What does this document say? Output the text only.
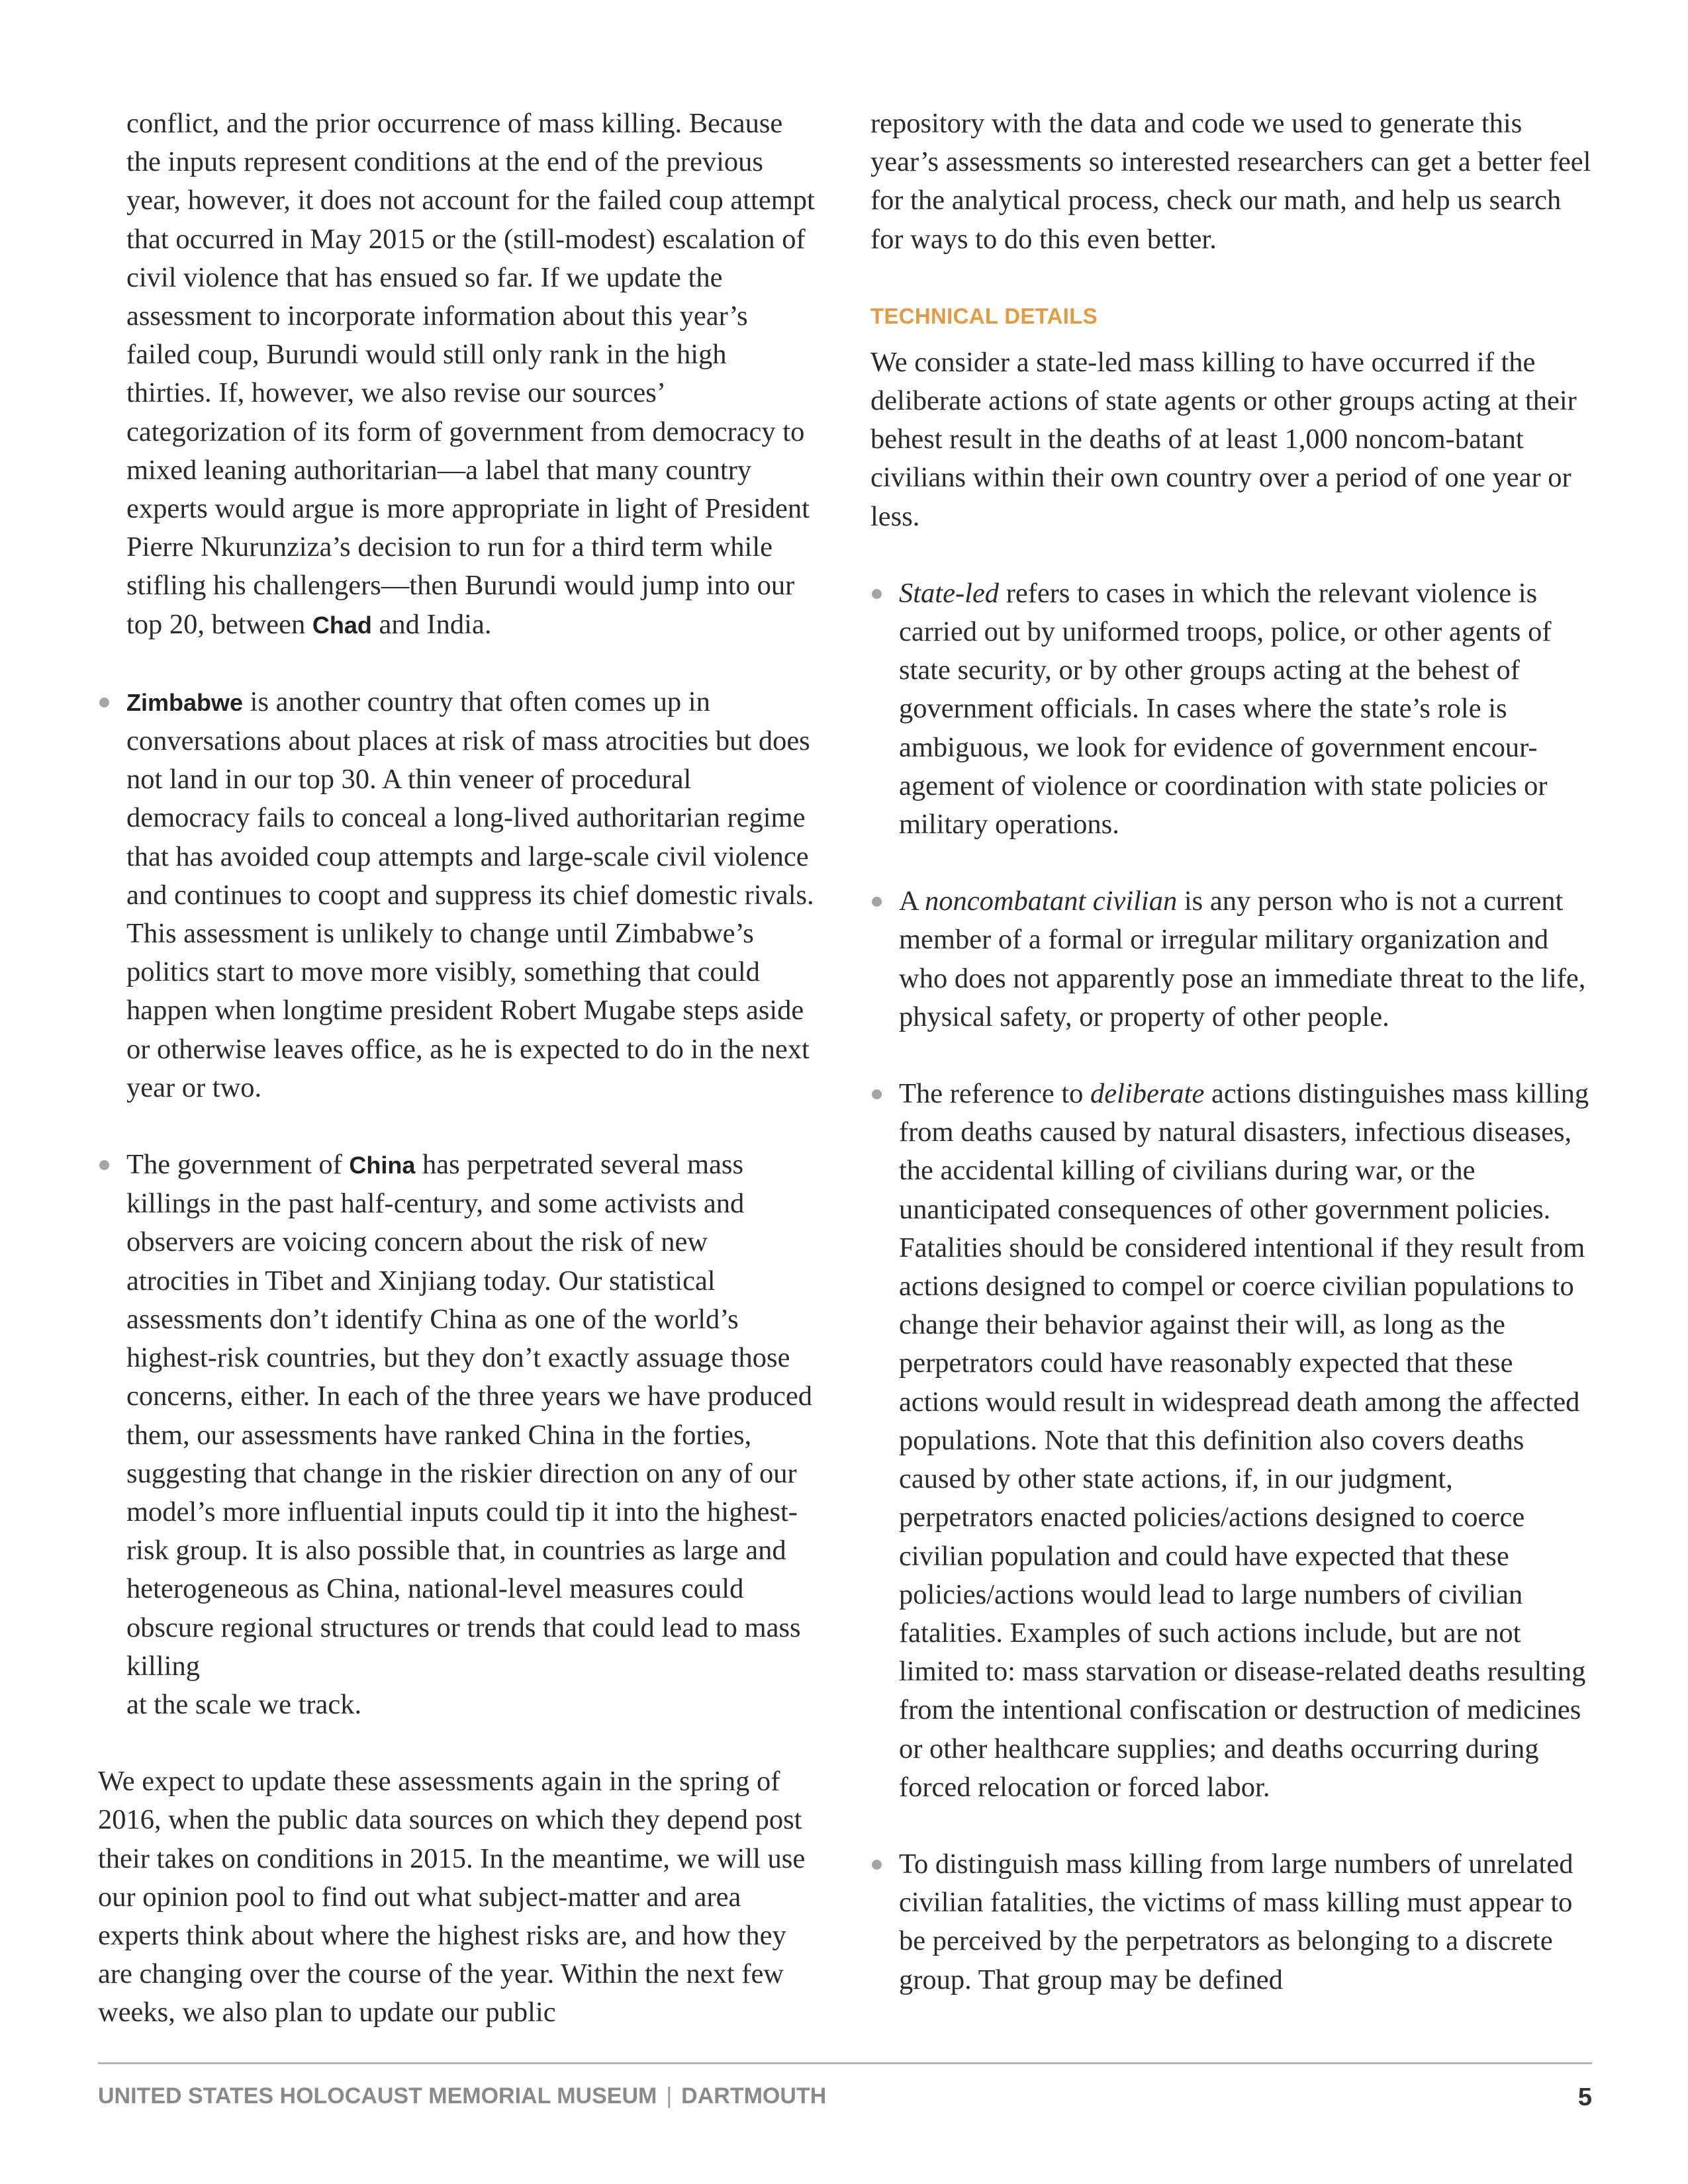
conflict, and the prior occurrence of mass killing. Because the inputs represent conditions at the end of the previous year, however, it does not account for the failed coup attempt that occurred in May 2015 or the (still-modest) escalation of civil violence that has ensued so far. If we update the assessment to incorporate information about this year’s failed coup, Burundi would still only rank in the high thirties. If, however, we also revise our sources’ categorization of its form of government from democracy to mixed leaning authoritarian—a label that many country experts would argue is more appropriate in light of President Pierre Nkurunziza’s decision to run for a third term while stifling his challengers—then Burundi would jump into our top 20, between Chad and India.

Zimbabwe is another country that often comes up in conversations about places at risk of mass atrocities but does not land in our top 30. A thin veneer of procedural democracy fails to conceal a long-lived authoritarian regime that has avoided coup attempts and large-scale civil violence and continues to coopt and suppress its chief domestic rivals. This assessment is unlikely to change until Zimbabwe’s politics start to move more visibly, something that could happen when longtime president Robert Mugabe steps aside or otherwise leaves office, as he is expected to do in the next year or two.

The government of China has perpetrated several mass killings in the past half-century, and some activists and observers are voicing concern about the risk of new atrocities in Tibet and Xinjiang today. Our statistical assessments don’t identify China as one of the world’s highest-risk countries, but they don’t exactly assuage those concerns, either. In each of the three years we have produced them, our assessments have ranked China in the forties, suggesting that change in the riskier direction on any of our model’s more influential inputs could tip it into the highest-risk group. It is also possible that, in countries as large and heterogeneous as China, national-level measures could obscure regional structures or trends that could lead to mass killing
at the scale we track.

We expect to update these assessments again in the spring of 2016, when the public data sources on which they depend post their takes on conditions in 2015. In the meantime, we will use our opinion pool to find out what subject-matter and area experts think about where the highest risks are, and how they are changing over the course of the year. Within the next few weeks, we also plan to update our public

repository with the data and code we used to generate this year’s assessments so interested researchers can get a better feel for the analytical process, check our math, and help us search for ways to do this even better.

TECHNICAL DETAILS

We consider a state-led mass killing to have occurred if the deliberate actions of state agents or other groups acting at their behest result in the deaths of at least 1,000 noncom-batant civilians within their own country over a period of one year or less.

State-led refers to cases in which the relevant violence is carried out by uniformed troops, police, or other agents of state security, or by other groups acting at the behest of government officials. In cases where the state’s role is ambiguous, we look for evidence of government encour-agement of violence or coordination with state policies or military operations.

A noncombatant civilian is any person who is not a current member of a formal or irregular military organization and who does not apparently pose an immediate threat to the life, physical safety, or property of other people.

The reference to deliberate actions distinguishes mass killing from deaths caused by natural disasters, infectious diseases, the accidental killing of civilians during war, or the unanticipated consequences of other government policies. Fatalities should be considered intentional if they result from actions designed to compel or coerce civilian populations to change their behavior against their will, as long as the perpetrators could have reasonably expected that these actions would result in widespread death among the affected populations. Note that this definition also covers deaths caused by other state actions, if, in our judgment, perpetrators enacted policies/actions designed to coerce civilian population and could have expected that these policies/actions would lead to large numbers of civilian fatalities. Examples of such actions include, but are not limited to: mass starvation or disease-related deaths resulting from the intentional confiscation or destruction of medicines or other healthcare supplies; and deaths occurring during forced relocation or forced labor.

To distinguish mass killing from large numbers of unrelated civilian fatalities, the victims of mass killing must appear to be perceived by the perpetrators as belonging to a discrete group. That group may be defined

UNITED STATES HOLOCAUST MEMORIAL MUSEUM | DARTMOUTH	5
